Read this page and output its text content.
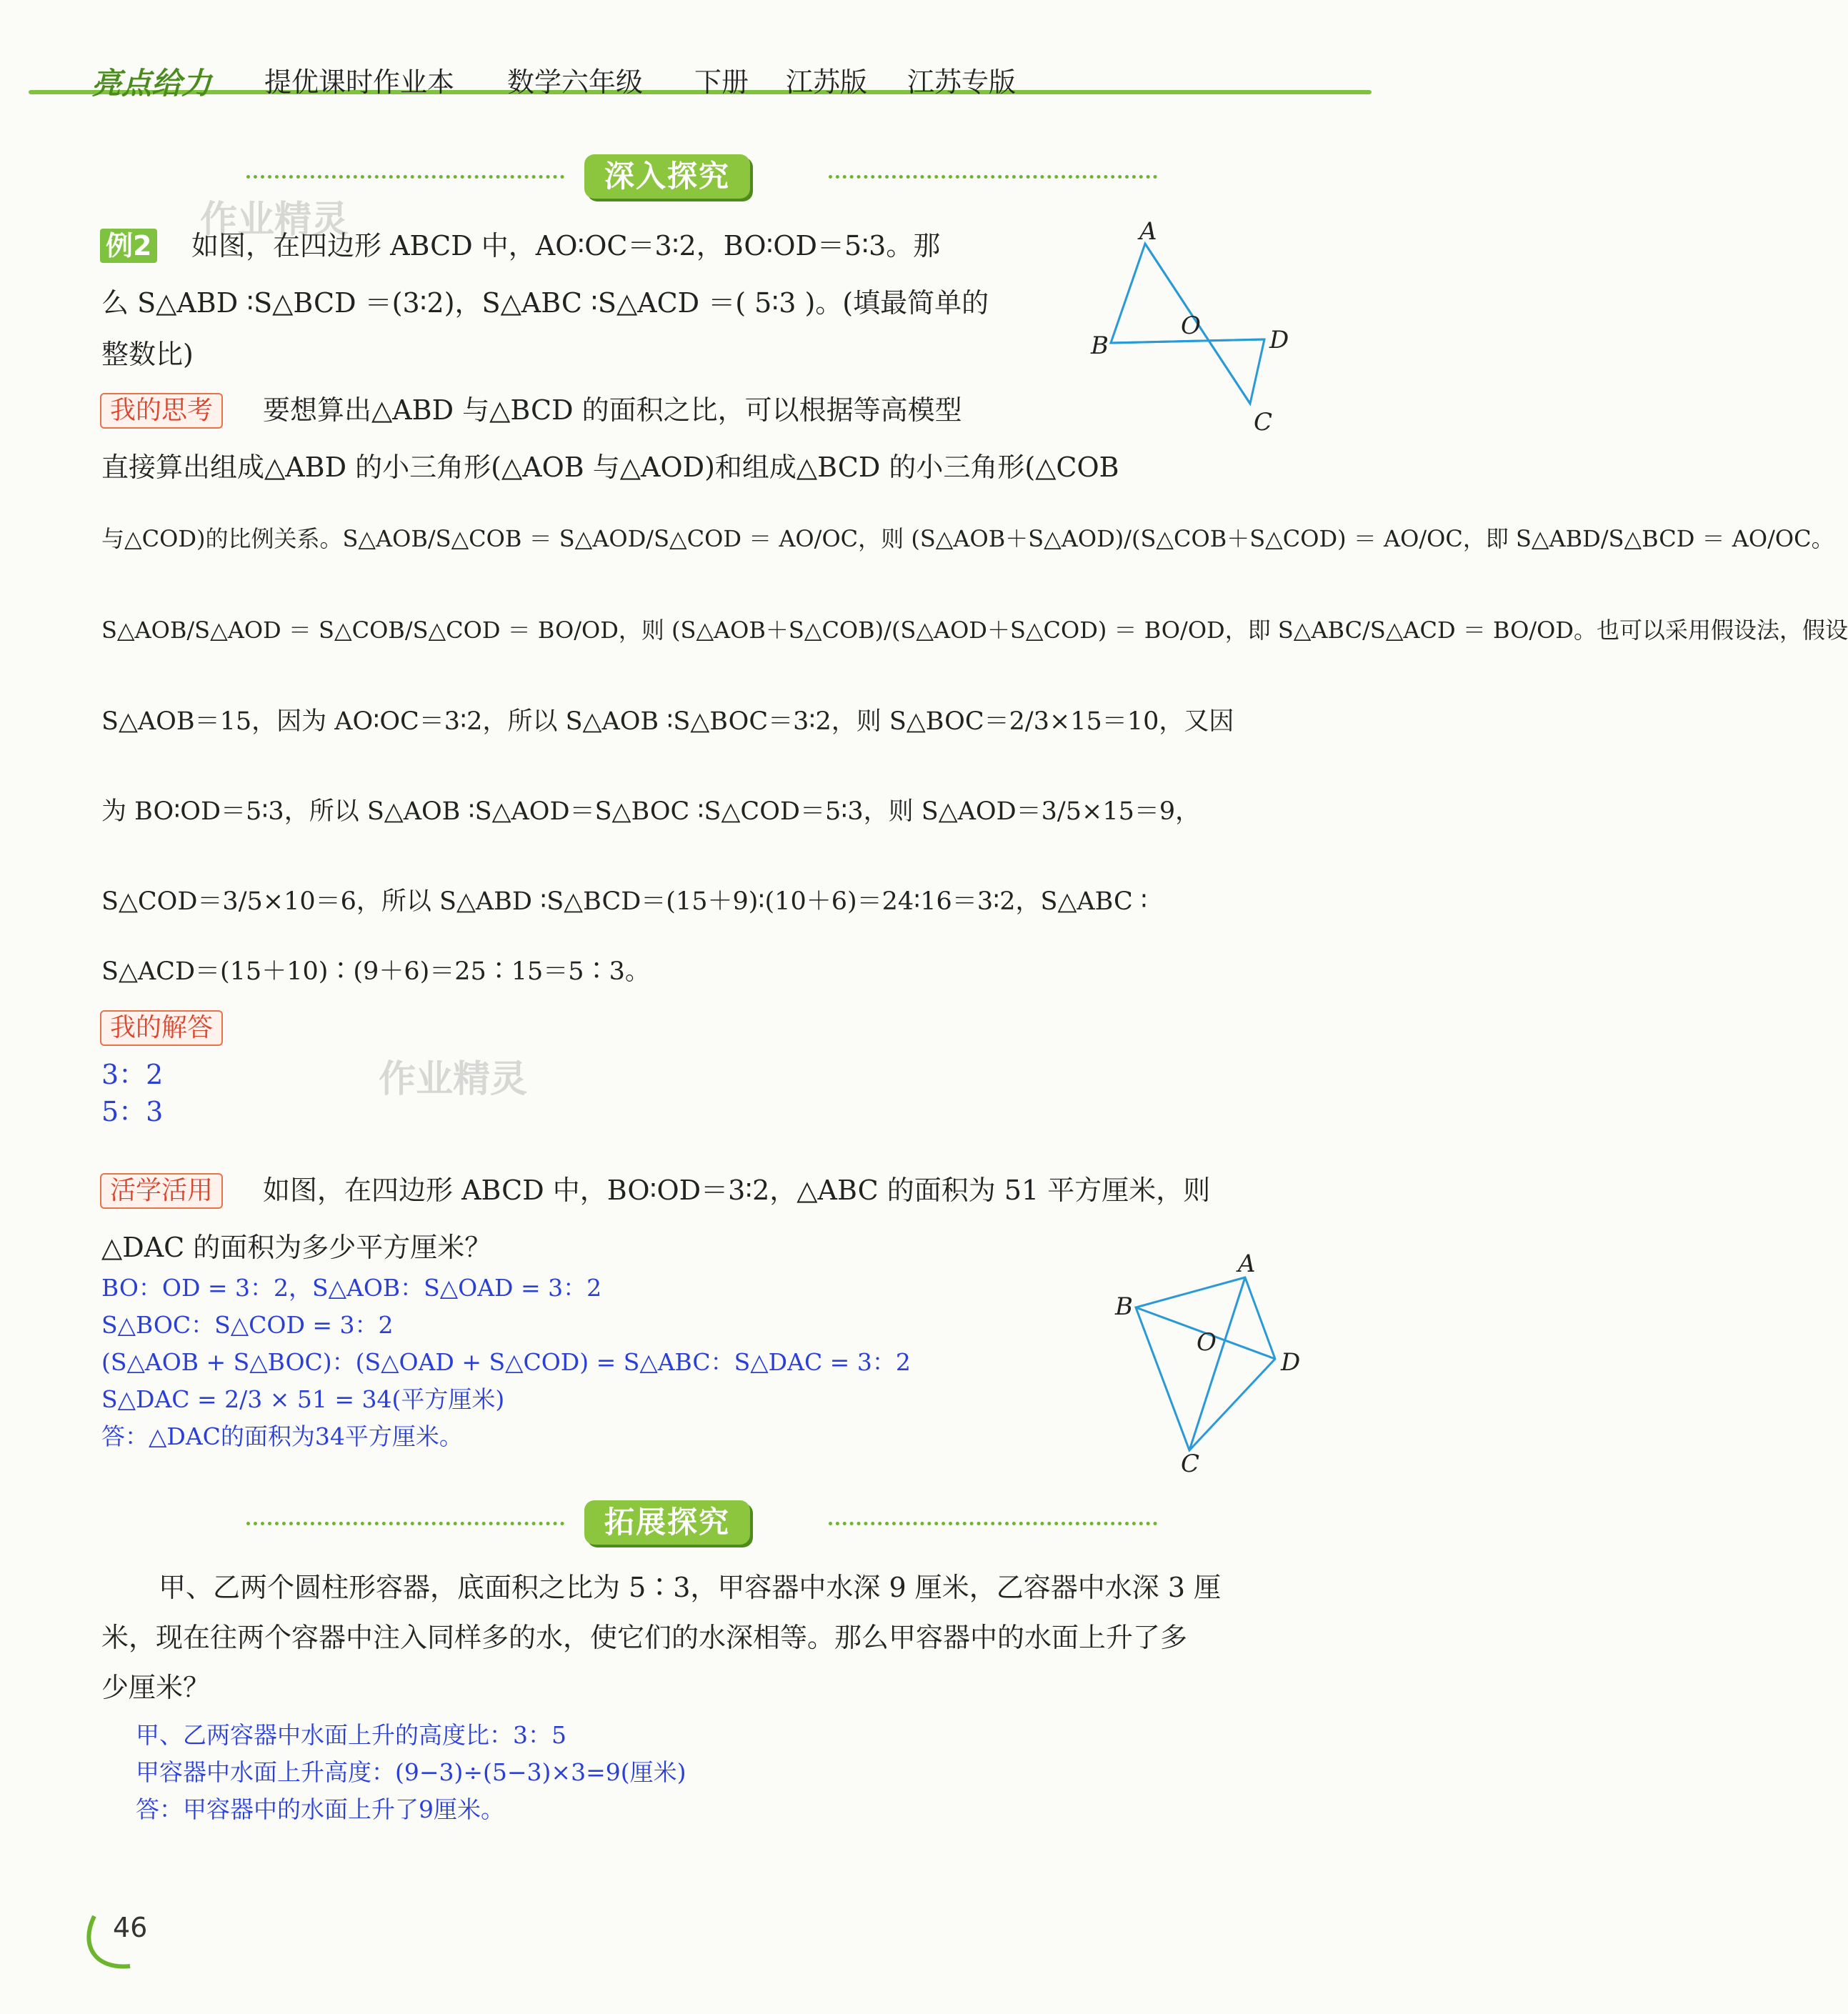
亮点给力 提优课时作业本 数学六年级 下册 江苏版 江苏专版
深入探究
作业精灵
例2 如图，在四边形 ABCD 中，AO∶OC＝3∶2，BO∶OD＝5∶3。那
么 S△ABD ∶S△BCD ＝(3∶2)，S△ABC ∶S△ACD ＝( 5∶3 )。(填最简单的
整数比)
A
B
O	D
C
我的思考	要想算出△ABD 与△BCD 的面积之比，可以根据等高模型
直接算出组成△ABD 的小三角形(△AOB 与△AOD)和组成△BCD 的小三角形(△COB
与△COD)的比例关系。S△AOB/S△COB ＝ S△AOD/S△COD ＝ AO/OC，则 (S△AOB＋S△AOD)/(S△COB＋S△COD) ＝ AO/OC，即 S△ABD/S△BCD ＝ AO/OC。
S△AOB/S△AOD ＝ S△COB/S△COD ＝ BO/OD，则 (S△AOB＋S△COB)/(S△AOD＋S△COD) ＝ BO/OD，即 S△ABC/S△ACD ＝ BO/OD。也可以采用假设法，假设
S△AOB＝15，因为 AO∶OC＝3∶2，所以 S△AOB ∶S△BOC＝3∶2，则 S△BOC＝2/3×15＝10，又因
为 BO∶OD＝5∶3，所以 S△AOB ∶S△AOD＝S△BOC ∶S△COD＝5∶3，则 S△AOD＝3/5×15＝9，
S△COD＝3/5×10＝6，所以 S△ABD ∶S△BCD＝(15＋9)∶(10＋6)＝24∶16＝3∶2，S△ABC ∶
S△ACD＝(15＋10)∶(9＋6)＝25∶15＝5∶3。
我的解答
3：2
5：3
作业精灵
活学活用	如图，在四边形 ABCD 中，BO∶OD＝3∶2，△ABC 的面积为 51 平方厘米，则
△DAC 的面积为多少平方厘米？
BO：OD = 3：2，S△AOB：S△OAD = 3：2
S△BOC：S△COD = 3：2
(S△AOB + S△BOC)：(S△OAD + S△COD) = S△ABC：S△DAC = 3：2
S△DAC = 2/3 × 51 = 34(平方厘米)
答：△DAC的面积为34平方厘米。
A
B
O
D
C
拓展探究
甲、乙两个圆柱形容器，底面积之比为 5∶3，甲容器中水深 9 厘米，乙容器中水深 3 厘
米，现在往两个容器中注入同样多的水，使它们的水深相等。那么甲容器中的水面上升了多
少厘米？
甲、乙两容器中水面上升的高度比：3：5
甲容器中水面上升高度：(9−3)÷(5−3)×3=9(厘米)
答：甲容器中的水面上升了9厘米。
46
